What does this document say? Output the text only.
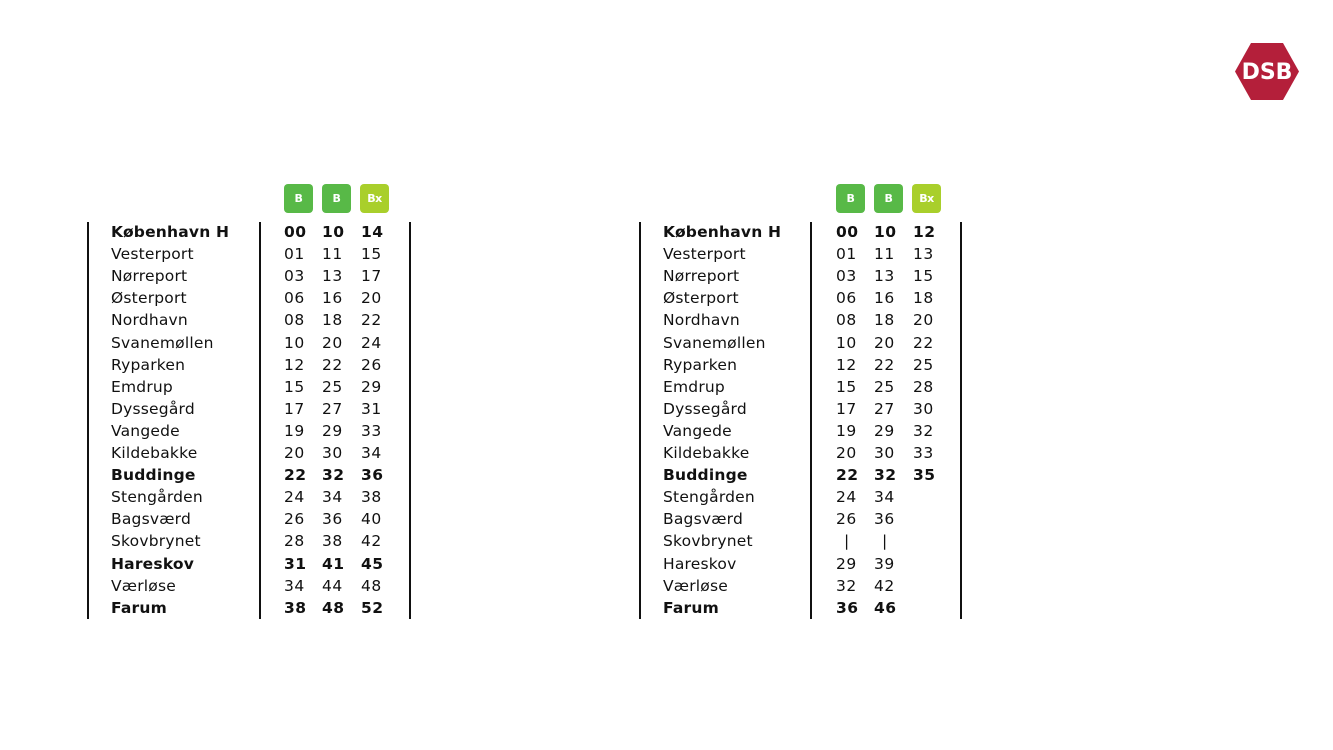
DSB
B	B	Bx
København H	00 10	14
Vesterport	01	11	15
Nørreport	03	13	17
Østerport	06	16	20
Nordhavn	08	18	22
Svanemøllen	10	20	24
Ryparken	12	22	26
Emdrup	15	25	29
Dyssegård	17	27	31
Vangede	19	29	33
Kildebakke	20	30	34
Buddinge	22 32	36
Stengården	24	34	38
Bagsværd	26	36	40
Skovbrynet	28	38	42
Hareskov	31 41	45
Værløse	34	44	48
Farum	38 48	52
B	B	Bx
København H	00 10	12
Vesterport	01	11	13
Nørreport	03	13	15
Østerport	06	16	18
Nordhavn	08	18	20
Svanemøllen	10	20	22
Ryparken	12	22	25
Emdrup	15	25	28
Dyssegård	17	27	30
Vangede	19	29	32
Kildebakke	20	30	33
Buddinge	22 32	35
Stengården	24	34
Bagsværd	26	36
Skovbrynet	|	|
Hareskov	29	39
Værløse	32	42
Farum	36 46
